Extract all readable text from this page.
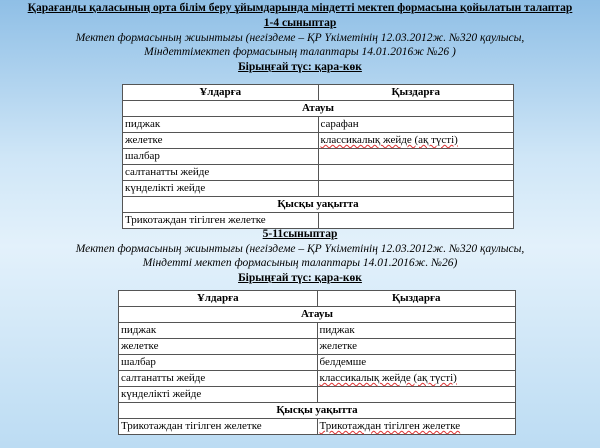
Қарағанды қаласының орта білім беру ұйымдарында міндетті мектеп формасына қойылатын талаптар
1-4 сыныптар
Мектеп формасының жиынтығы (негіздеме – ҚР Үкіметінің 12.03.2012ж. №320 қаулысы,
Міндеттімектеп формасының талаптары 14.01.2016ж №26 )
Бірыңғай түс: қара-көк
Ұлдарға	Қыздарға
Атауы	
пиджак	сарафан
желетке	классикалық жейде (ақ түсті)
шалбар	
салтанатты жейде	
күнделікті жейде	
Қысқы уақытта	
Трикотаждан тігілген желетке	
5-11сыныптар
Мектеп формасының жиынтығы (негіздеме – ҚР Үкіметінің 12.03.2012ж. №320 қаулысы,
Міндетті мектеп формасының талаптары 14.01.2016ж. №26)
Бірыңғай түс: қара-көк
Ұлдарға	Қыздарға
Атауы	
пиджак	пиджак
желетке	желетке
шалбар	белдемше
салтанатты жейде	классикалық жейде (ақ түсті)
күнделікті жейде	
Қысқы уақытта	
Трикотаждан тігілген желетке	Трикотаждан тігілген желетке
